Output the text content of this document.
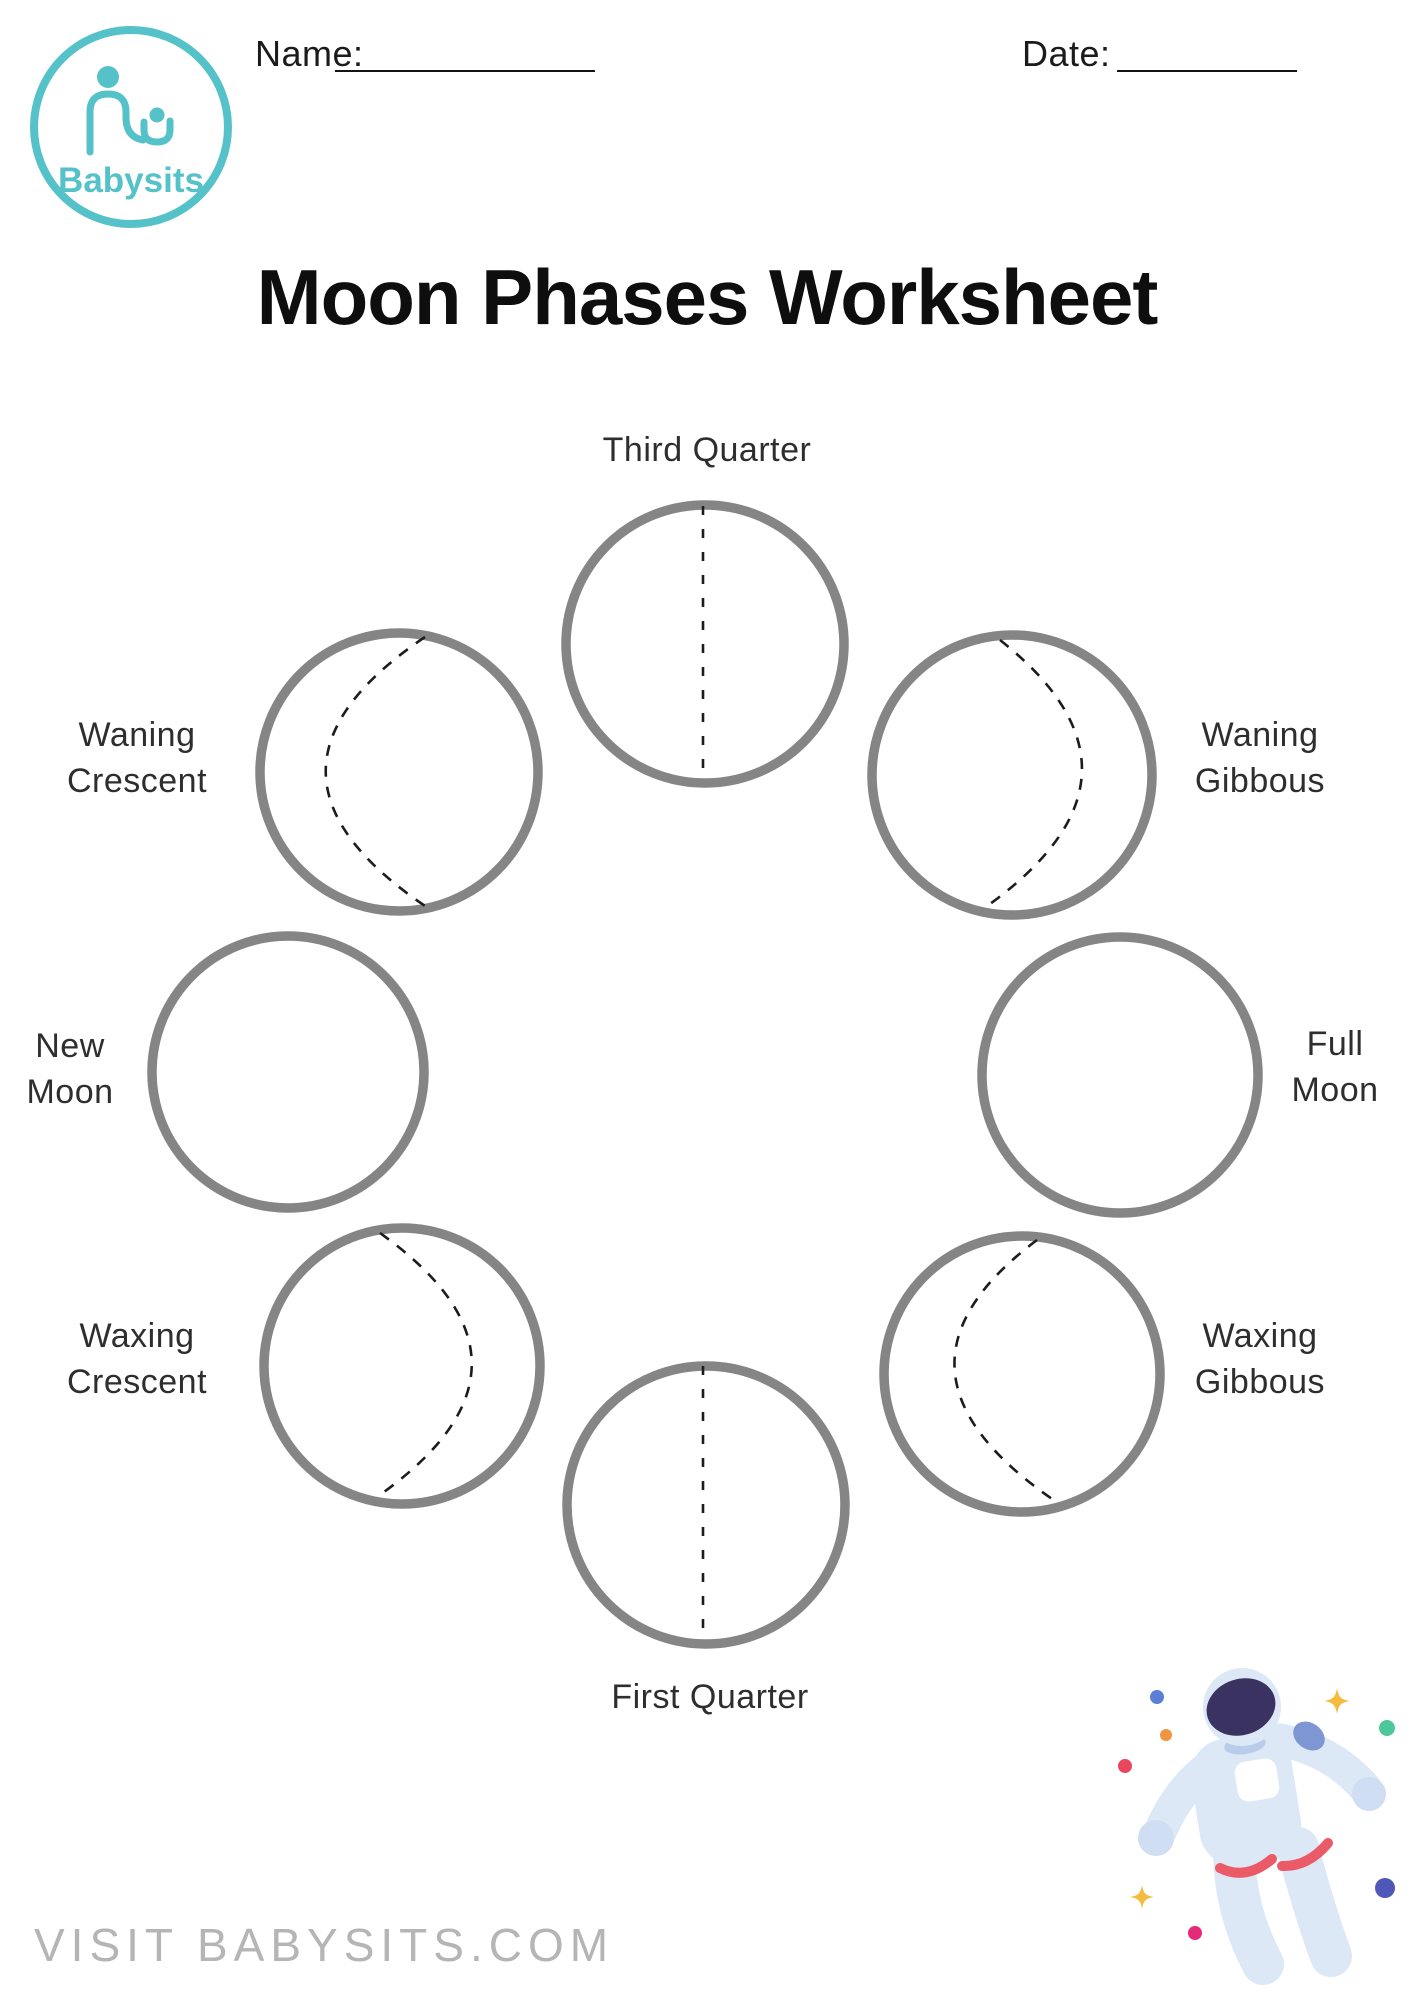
Babysits
Name:	Date:
Moon Phases Worksheet
Third Quarter
Waning
Gibbous
Full
Moon
Waxing
Gibbous
First Quarter
Waxing
Crescent
New
Moon
Waning
Crescent
VISIT BABYSITS.COM
